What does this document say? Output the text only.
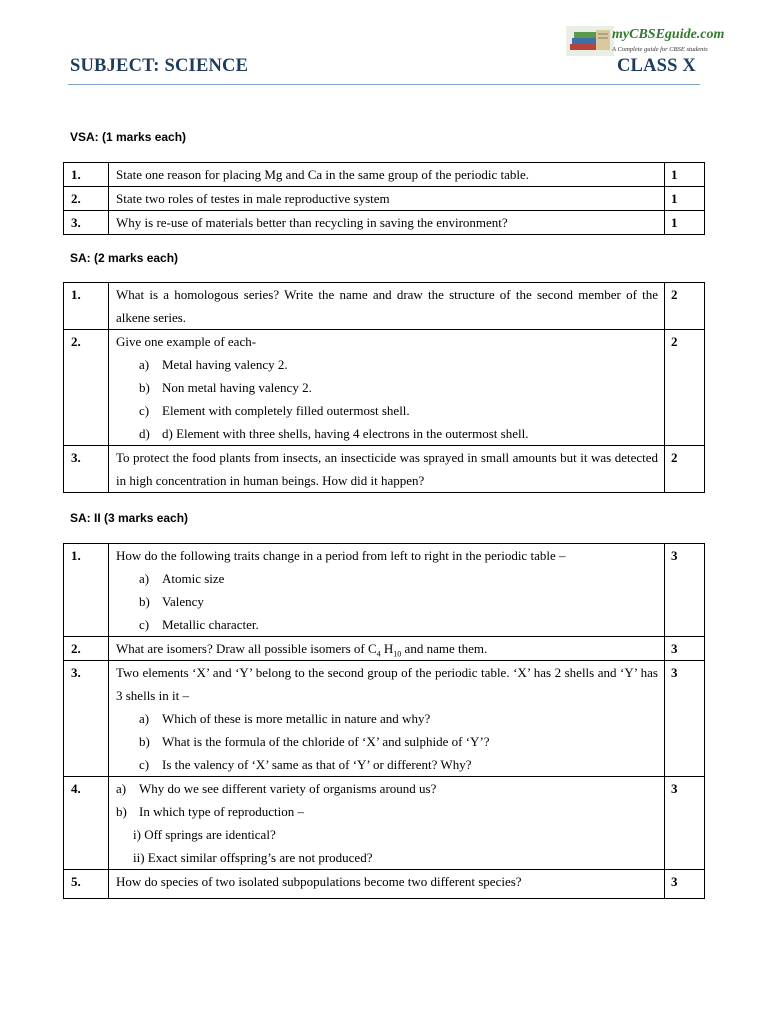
myCBSEguide.com
A Complete guide for CBSE students
SUBJECT: SCIENCE	CLASS X
VSA: (1 marks each)
1.	State one reason for placing Mg and Ca in the same group of the periodic table.	1
2.	State two roles of testes in male reproductive system	1
3.	Why is re-use of materials better than recycling in saving the environment?	1
SA: (2 marks each)
1.	What is a homologous series? Write the name and draw the structure of the second member of the alkene series.	2
2.	Give one example of each-
a) Metal having valency 2.
b) Non metal having valency 2.
c) Element with completely filled outermost shell.
d) d) Element with three shells, having 4 electrons in the outermost shell.	2
3.	To protect the food plants from insects, an insecticide was sprayed in small amounts but it was detected in high concentration in human beings. How did it happen?	2
SA: II (3 marks each)
1.	How do the following traits change in a period from left to right in the periodic table –
a) Atomic size
b) Valency
c) Metallic character.	3
2.	What are isomers? Draw all possible isomers of $C_4$ $H_{10}$ and name them.	3
3.	Two elements ‘X’ and ‘Y’ belong to the second group of the periodic table. ‘X’ has 2 shells and ‘Y’ has 3 shells in it –
a) Which of these is more metallic in nature and why?
b) What is the formula of the chloride of ‘X’ and sulphide of ‘Y’?
c) Is the valency of ‘X’ same as that of ‘Y’ or different? Why?	3
4.	a) Why do we see different variety of organisms around us?
b) In which type of reproduction –
i) Off springs are identical?
ii) Exact similar offspring’s are not produced?	3
5.	How do species of two isolated subpopulations become two different species?	3
